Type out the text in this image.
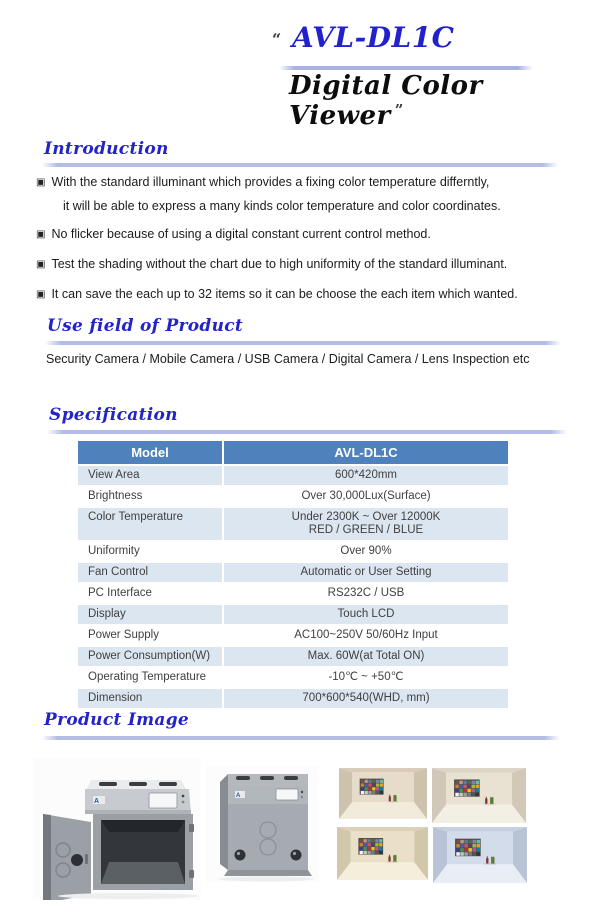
“ AVL-DL1C
Digital Color Viewer ”
Introduction
▣ With the standard illuminant which provides a fixing color temperature differntly,
it will be able to express a many kinds color temperature and color coordinates.
▣ No flicker because of using a digital constant current control method.
▣ Test the shading without the chart due to high uniformity of the standard illuminant.
▣ It can save the each up to 32 items so it can be choose the each item which wanted.
Use field of Product
Security Camera / Mobile Camera / USB Camera / Digital Camera / Lens Inspection etc
Specification
Model	AVL-DL1C
View Area	600*420mm
Brightness	Over 30,000Lux(Surface)
Color Temperature	Under 2300K ~ Over 12000K
RED / GREEN / BLUE
Uniformity	Over 90%
Fan Control	Automatic or User Setting
PC Interface	RS232C / USB
Display	Touch LCD
Power Supply	AC100~250V 50/60Hz Input
Power Consumption(W)	Max. 60W(at Total ON)
Operating Temperature	-10℃ ~ +50℃
Dimension	700*600*540(WHD, mm)
Product Image
A
A
